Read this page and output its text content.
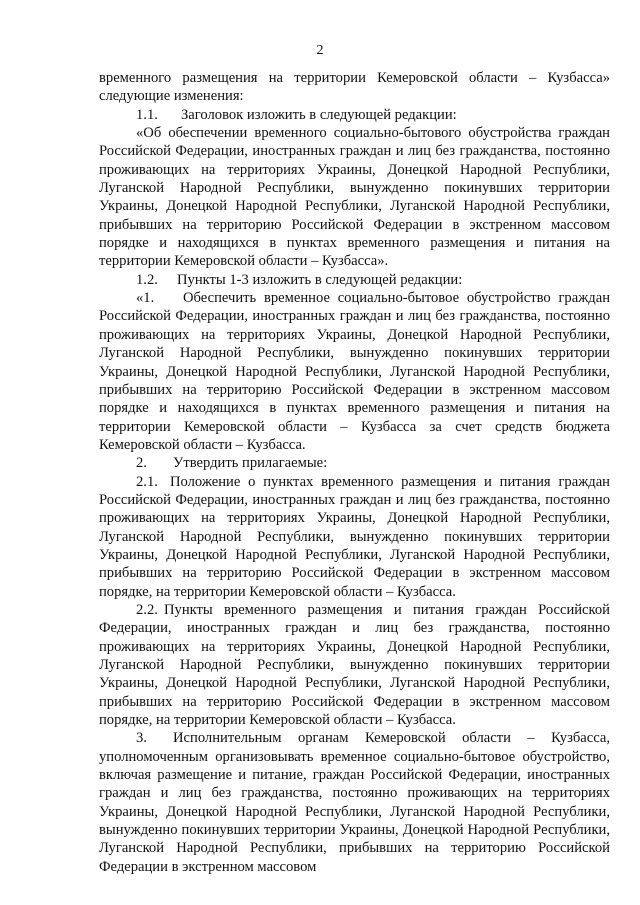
2

временного размещения на территории Кемеровской области – Кузбасса» следующие изменения:

1.1. Заголовок изложить в следующей редакции:

«Об обеспечении временного социально-бытового обустройства граждан Российской Федерации, иностранных граждан и лиц без гражданства, постоянно проживающих на территориях Украины, Донецкой Народной Республики, Луганской Народной Республики, вынужденно покинувших территории Украины, Донецкой Народной Республики, Луганской Народной Республики, прибывших на территорию Российской Федерации в экстренном массовом порядке и находящихся в пунктах временного размещения и питания на территории Кемеровской области – Кузбасса».

1.2. Пункты 1-3 изложить в следующей редакции:

«1. Обеспечить временное социально-бытовое обустройство граждан Российской Федерации, иностранных граждан и лиц без гражданства, постоянно проживающих на территориях Украины, Донецкой Народной Республики, Луганской Народной Республики, вынужденно покинувших территории Украины, Донецкой Народной Республики, Луганской Народной Республики, прибывших на территорию Российской Федерации в экстренном массовом порядке и находящихся в пунктах временного размещения и питания на территории Кемеровской области – Кузбасса за счет средств бюджета Кемеровской области – Кузбасса.

2. Утвердить прилагаемые:

2.1. Положение о пунктах временного размещения и питания граждан Российской Федерации, иностранных граждан и лиц без гражданства, постоянно проживающих на территориях Украины, Донецкой Народной Республики, Луганской Народной Республики, вынужденно покинувших территории Украины, Донецкой Народной Республики, Луганской Народной Республики, прибывших на территорию Российской Федерации в экстренном массовом порядке, на территории Кемеровской области – Кузбасса.

2.2. Пункты временного размещения и питания граждан Российской Федерации, иностранных граждан и лиц без гражданства, постоянно проживающих на территориях Украины, Донецкой Народной Республики, Луганской Народной Республики, вынужденно покинувших территории Украины, Донецкой Народной Республики, Луганской Народной Республики, прибывших на территорию Российской Федерации в экстренном массовом порядке, на территории Кемеровской области – Кузбасса.

3. Исполнительным органам Кемеровской области – Кузбасса, уполномоченным организовывать временное социально-бытовое обустройство, включая размещение и питание, граждан Российской Федерации, иностранных граждан и лиц без гражданства, постоянно проживающих на территориях Украины, Донецкой Народной Республики, Луганской Народной Республики, вынужденно покинувших территории Украины, Донецкой Народной Республики, Луганской Народной Республики, прибывших на территорию Российской Федерации в экстренном массовом
